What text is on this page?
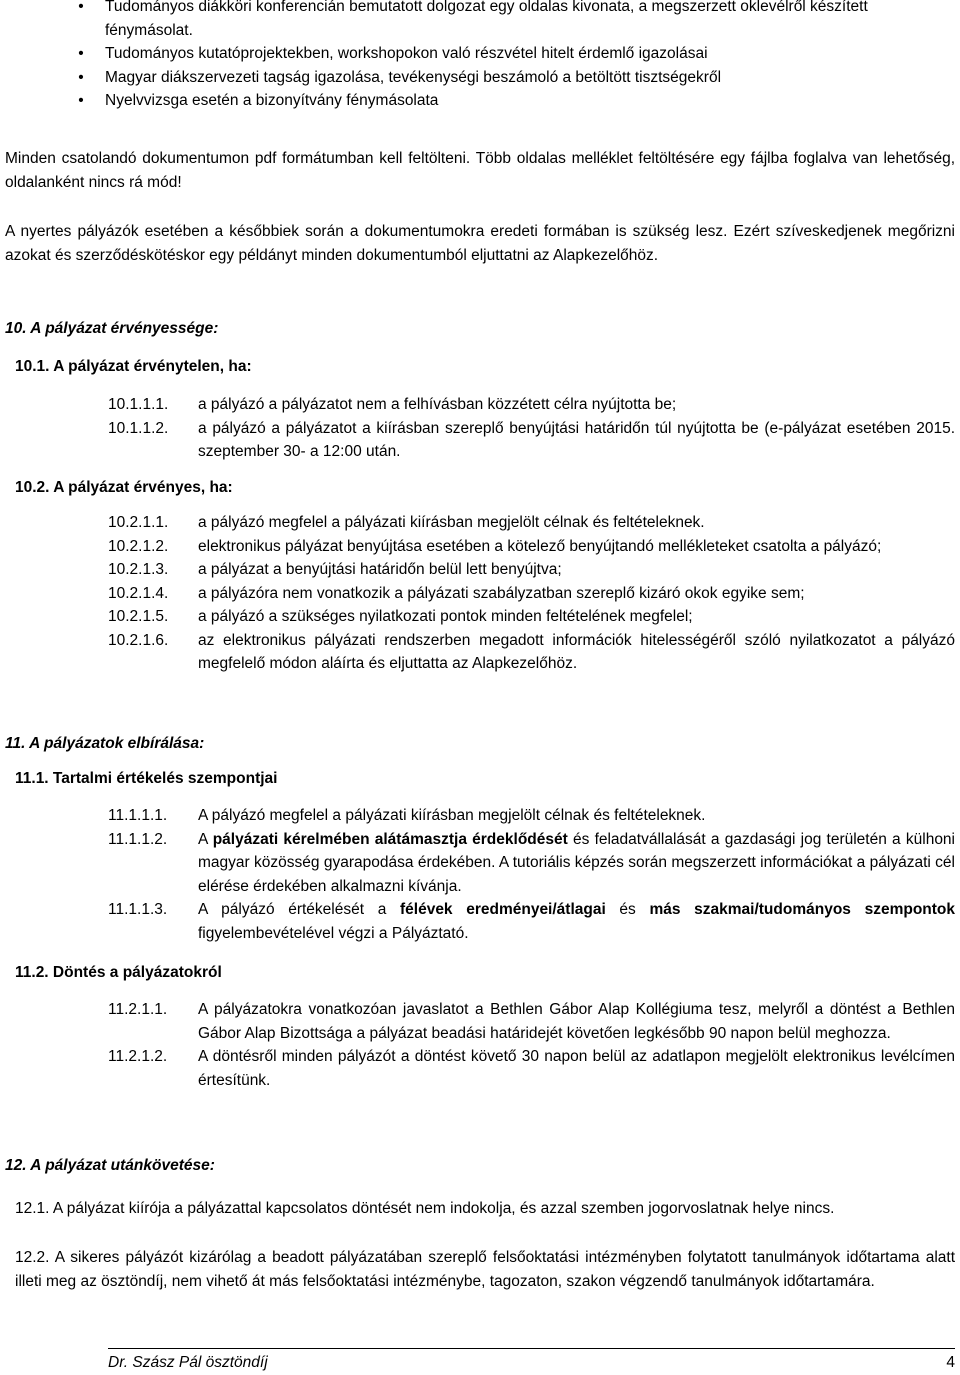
• Tudományos diákköri konferencián bemutatott dolgozat egy oldalas kivonata, a megszerzett oklevélről készített fénymásolat.
• Tudományos kutatóprojektekben, workshopokon való részvétel hitelt érdemlő igazolásai
• Magyar diákszervezeti tagság igazolása, tevékenységi beszámoló a betöltött tisztségekről
• Nyelvvizsga esetén a bizonyítvány fénymásolata

Minden csatolandó dokumentumon pdf formátumban kell feltölteni. Több oldalas melléklet feltöltésére egy fájlba foglalva van lehetőség, oldalanként nincs rá mód!

A nyertes pályázók esetében a későbbiek során a dokumentumokra eredeti formában is szükség lesz. Ezért szíveskedjenek megőrizni azokat és szerződéskötéskor egy példányt minden dokumentumból eljuttatni az Alapkezelőhöz.

10. A pályázat érvényessége:
10.1. A pályázat érvénytelen, ha:
10.1.1.1. a pályázó a pályázatot nem a felhívásban közzétett célra nyújtotta be;
10.1.1.2. a pályázó a pályázatot a kiírásban szereplő benyújtási határidőn túl nyújtotta be (e-pályázat esetében 2015. szeptember 30- a 12:00 után.
10.2. A pályázat érvényes, ha:
10.2.1.1. a pályázó megfelel a pályázati kiírásban megjelölt célnak és feltételeknek.
10.2.1.2. elektronikus pályázat benyújtása esetében a kötelező benyújtandó mellékleteket csatolta a pályázó;
10.2.1.3. a pályázat a benyújtási határidőn belül lett benyújtva;
10.2.1.4. a pályázóra nem vonatkozik a pályázati szabályzatban szereplő kizáró okok egyike sem;
10.2.1.5. a pályázó a szükséges nyilatkozati pontok minden feltételének megfelel;
10.2.1.6. az elektronikus pályázati rendszerben megadott információk hitelességéről szóló nyilatkozatot a pályázó megfelelő módon aláírta és eljuttatta az Alapkezelőhöz.
11. A pályázatok elbírálása:
11.1. Tartalmi értékelés szempontjai
11.1.1.1. A pályázó megfelel a pályázati kiírásban megjelölt célnak és feltételeknek.
11.1.1.2. A pályázati kérelmében alátámasztja érdeklődését és feladatvállalását a gazdasági jog területén a külhoni magyar közösség gyarapodása érdekében. A tutoriális képzés során megszerzett információkat a pályázati cél elérése érdekében alkalmazni kívánja.
11.1.1.3. A pályázó értékelését a félévek eredményei/átlagai és más szakmai/tudományos szempontok figyelembevételével végzi a Pályáztató.
11.2. Döntés a pályázatokról
11.2.1.1. A pályázatokra vonatkozóan javaslatot a Bethlen Gábor Alap Kollégiuma tesz, melyről a döntést a Bethlen Gábor Alap Bizottsága a pályázat beadási határidejét követően legkésőbb 90 napon belül meghozza.
11.2.1.2. A döntésről minden pályázót a döntést követő 30 napon belül az adatlapon megjelölt elektronikus levélcímen értesítünk.
12. A pályázat utánkövetése:

12.1. A pályázat kiírója a pályázattal kapcsolatos döntését nem indokolja, és azzal szemben jogorvoslatnak helye nincs.

12.2. A sikeres pályázót kizárólag a beadott pályázatában szereplő felsőoktatási intézményben folytatott tanulmányok időtartama alatt illeti meg az ösztöndíj, nem vihető át más felsőoktatási intézménybe, tagozaton, szakon végzendő tanulmányok időtartamára.

Dr. Szász Pál ösztöndíj	4
